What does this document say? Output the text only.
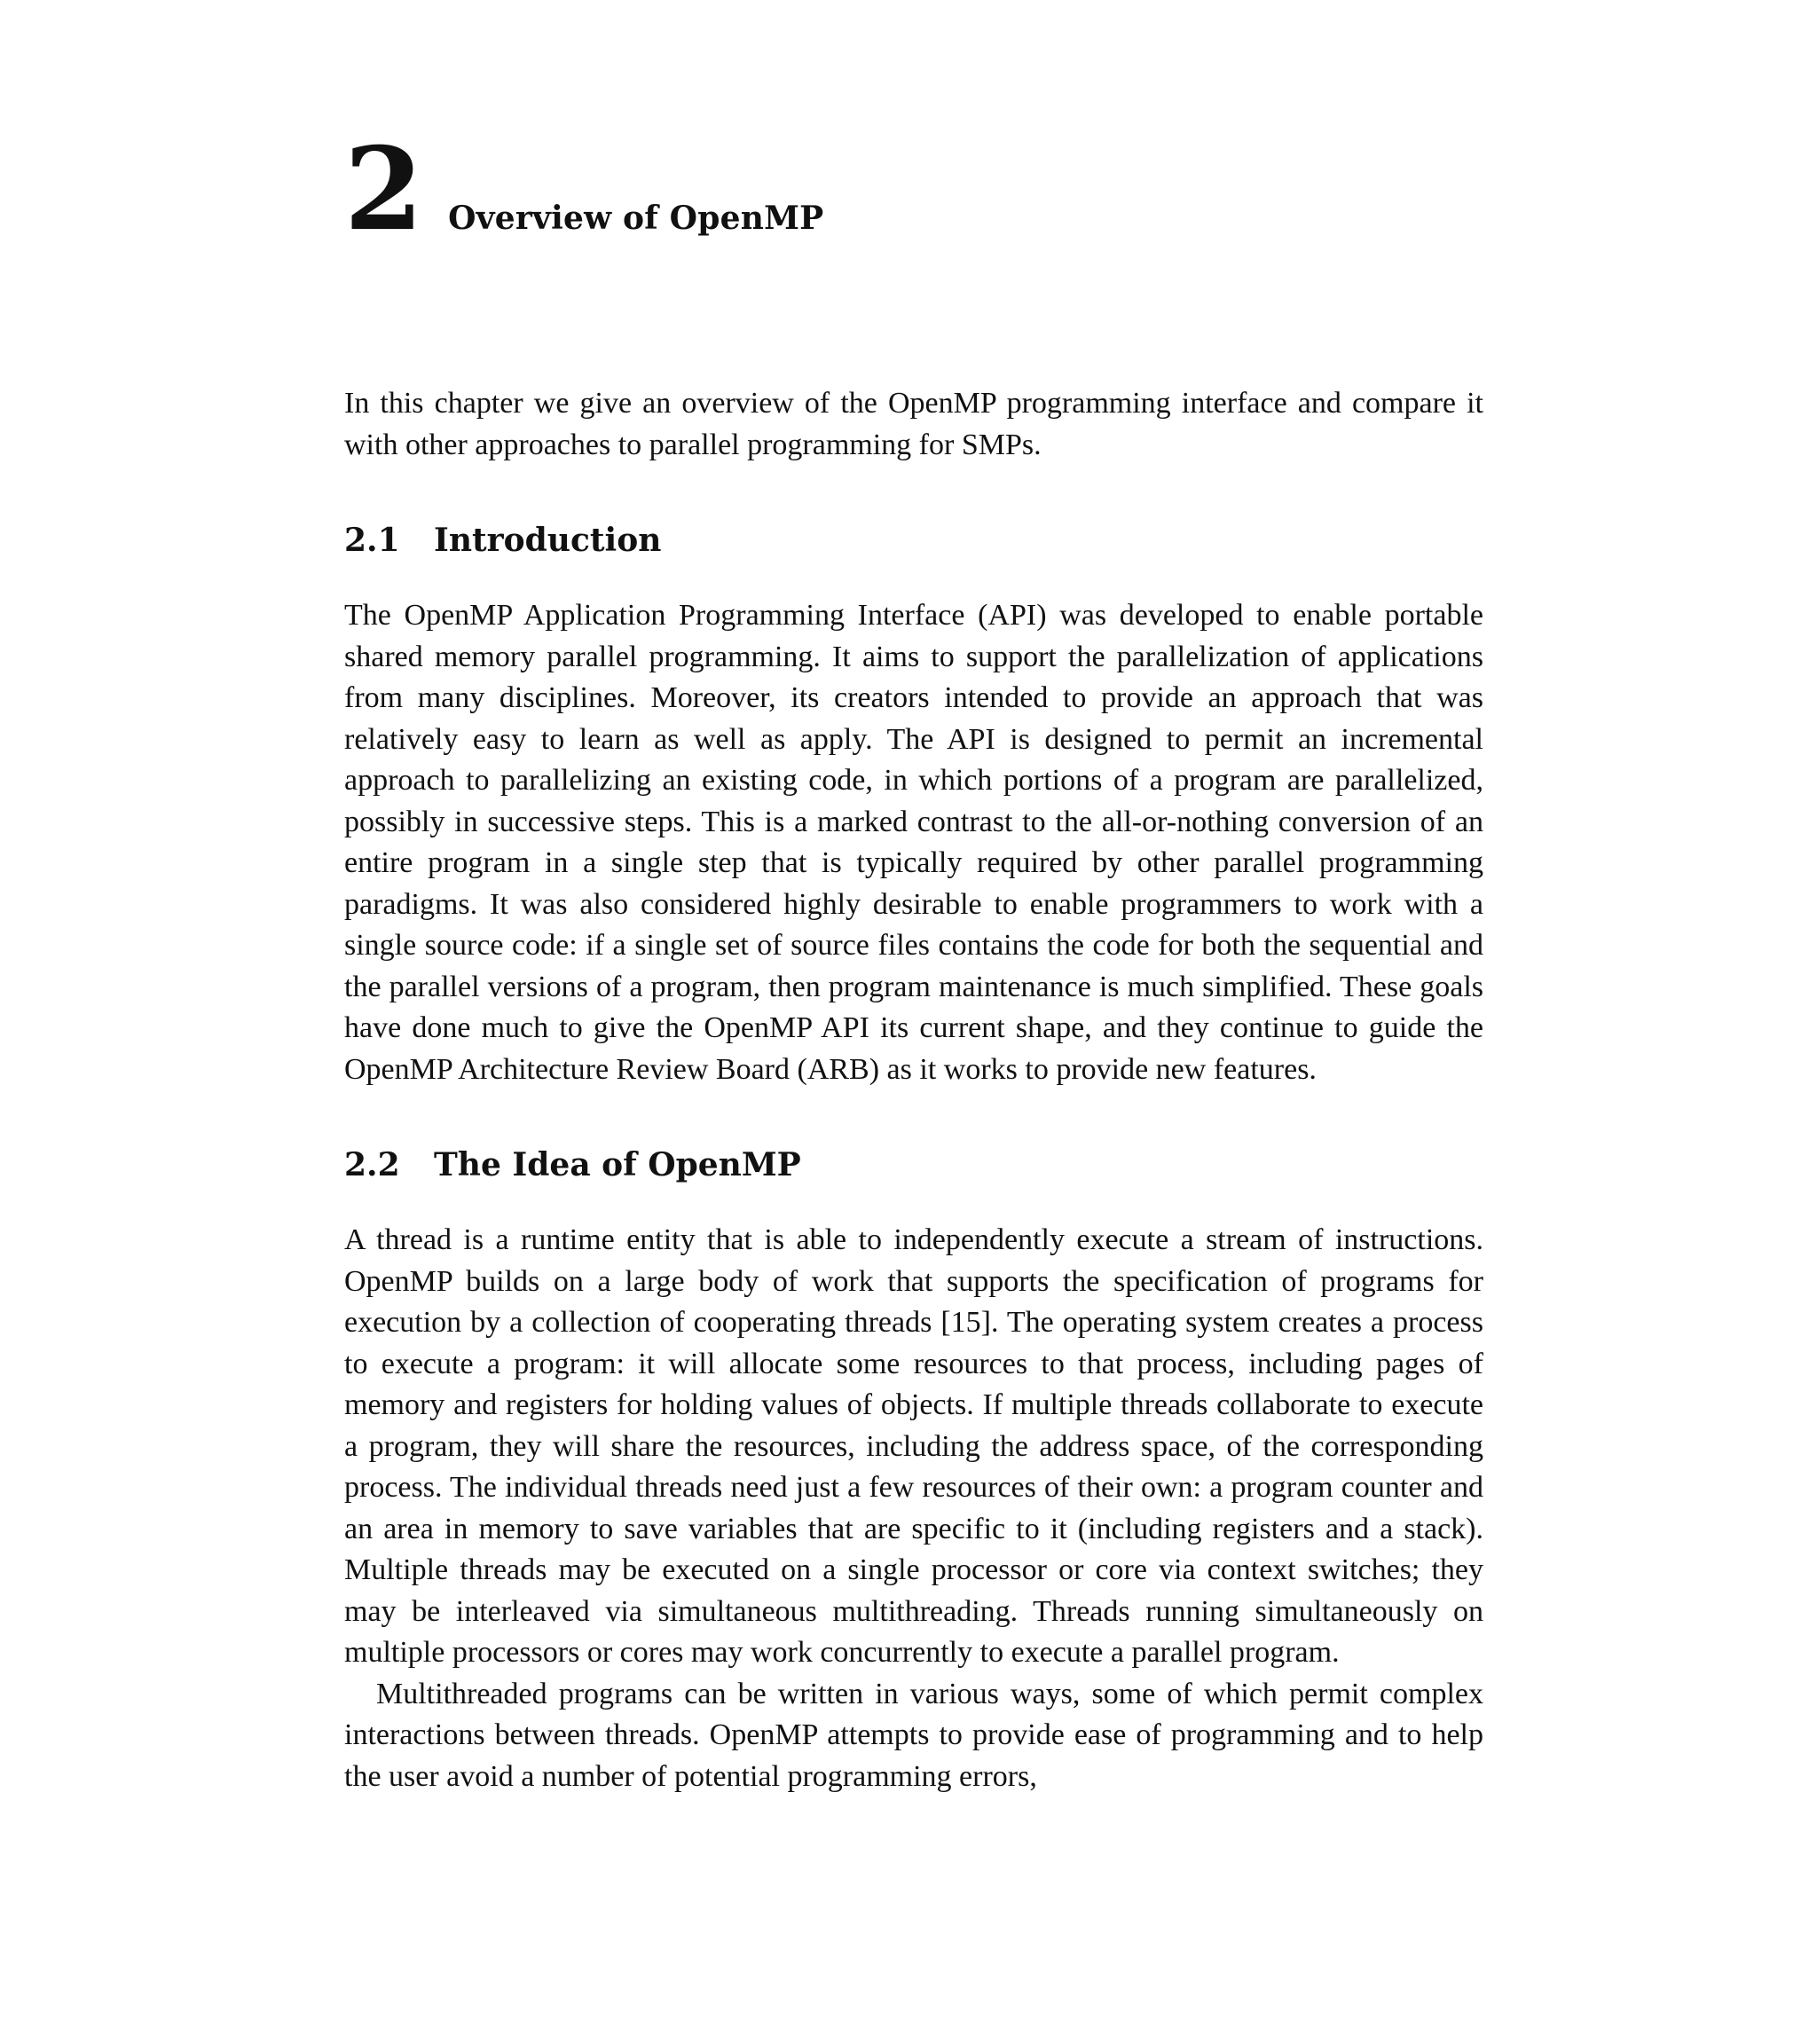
2 Overview of OpenMP

In this chapter we give an overview of the OpenMP programming interface and compare it with other approaches to parallel programming for SMPs.

2.1	Introduction

The OpenMP Application Programming Interface (API) was developed to enable portable shared memory parallel programming. It aims to support the parallelization of applications from many disciplines. Moreover, its creators intended to provide an approach that was relatively easy to learn as well as apply. The API is designed to permit an incremental approach to parallelizing an existing code, in which portions of a program are parallelized, possibly in successive steps. This is a marked contrast to the all-or-nothing conversion of an entire program in a single step that is typically required by other parallel programming paradigms. It was also considered highly desirable to enable programmers to work with a single source code: if a single set of source files contains the code for both the sequential and the parallel versions of a program, then program maintenance is much simplified. These goals have done much to give the OpenMP API its current shape, and they continue to guide the OpenMP Architecture Review Board (ARB) as it works to provide new features.

2.2	The Idea of OpenMP

A thread is a runtime entity that is able to independently execute a stream of instructions. OpenMP builds on a large body of work that supports the specification of programs for execution by a collection of cooperating threads [15]. The operating system creates a process to execute a program: it will allocate some resources to that process, including pages of memory and registers for holding values of objects. If multiple threads collaborate to execute a program, they will share the resources, including the address space, of the corresponding process. The individual threads need just a few resources of their own: a program counter and an area in memory to save variables that are specific to it (including registers and a stack). Multiple threads may be executed on a single processor or core via context switches; they may be interleaved via simultaneous multithreading. Threads running simultaneously on multiple processors or cores may work concurrently to execute a parallel program.

Multithreaded programs can be written in various ways, some of which permit complex interactions between threads. OpenMP attempts to provide ease of programming and to help the user avoid a number of potential programming errors,
